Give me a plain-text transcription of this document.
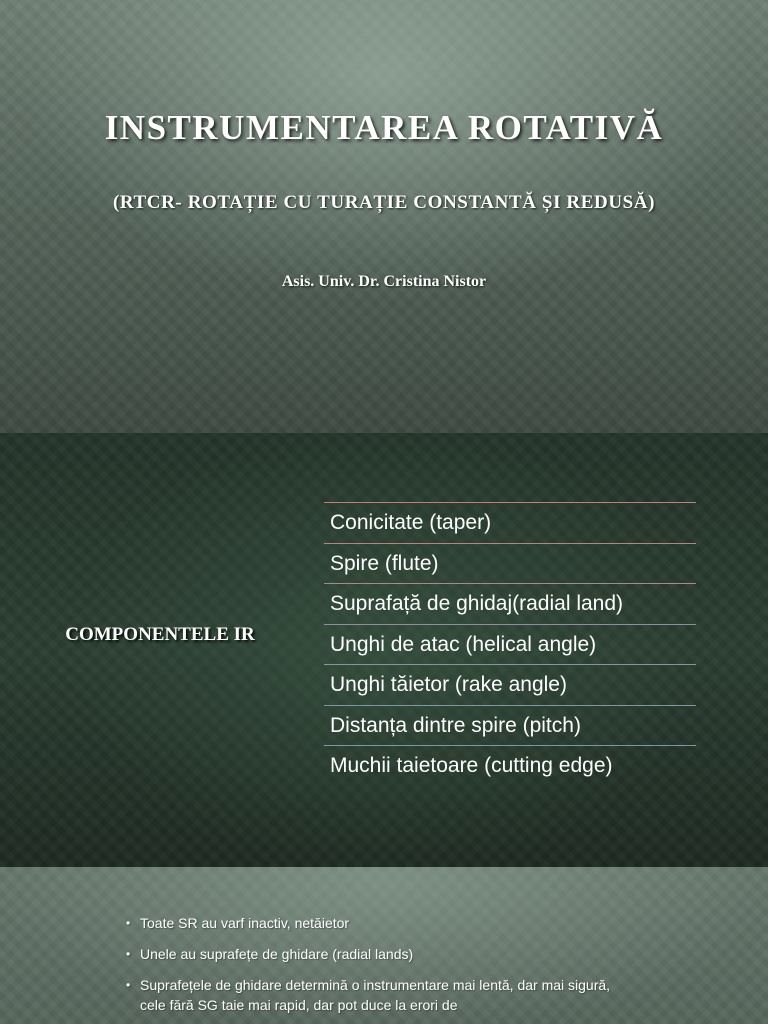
INSTRUMENTAREA ROTATIVĂ
(RTCR- ROTAȚIE CU TURAȚIE CONSTANTĂ ȘI REDUSĂ)
Asis. Univ. Dr. Cristina Nistor
COMPONENTELE IR
Conicitate (taper)
Spire (flute)
Suprafață de ghidaj(radial land)
Unghi de atac (helical angle)
Unghi tăietor (rake angle)
Distanța dintre spire (pitch)
Muchii taietoare (cutting edge)
• Toate SR au varf inactiv, netăietor
• Unele au suprafețe de ghidare (radial lands)
• Suprafețele de ghidare determină o instrumentare mai lentă, dar mai sigură, cele fără SG taie mai rapid, dar pot duce la erori de
